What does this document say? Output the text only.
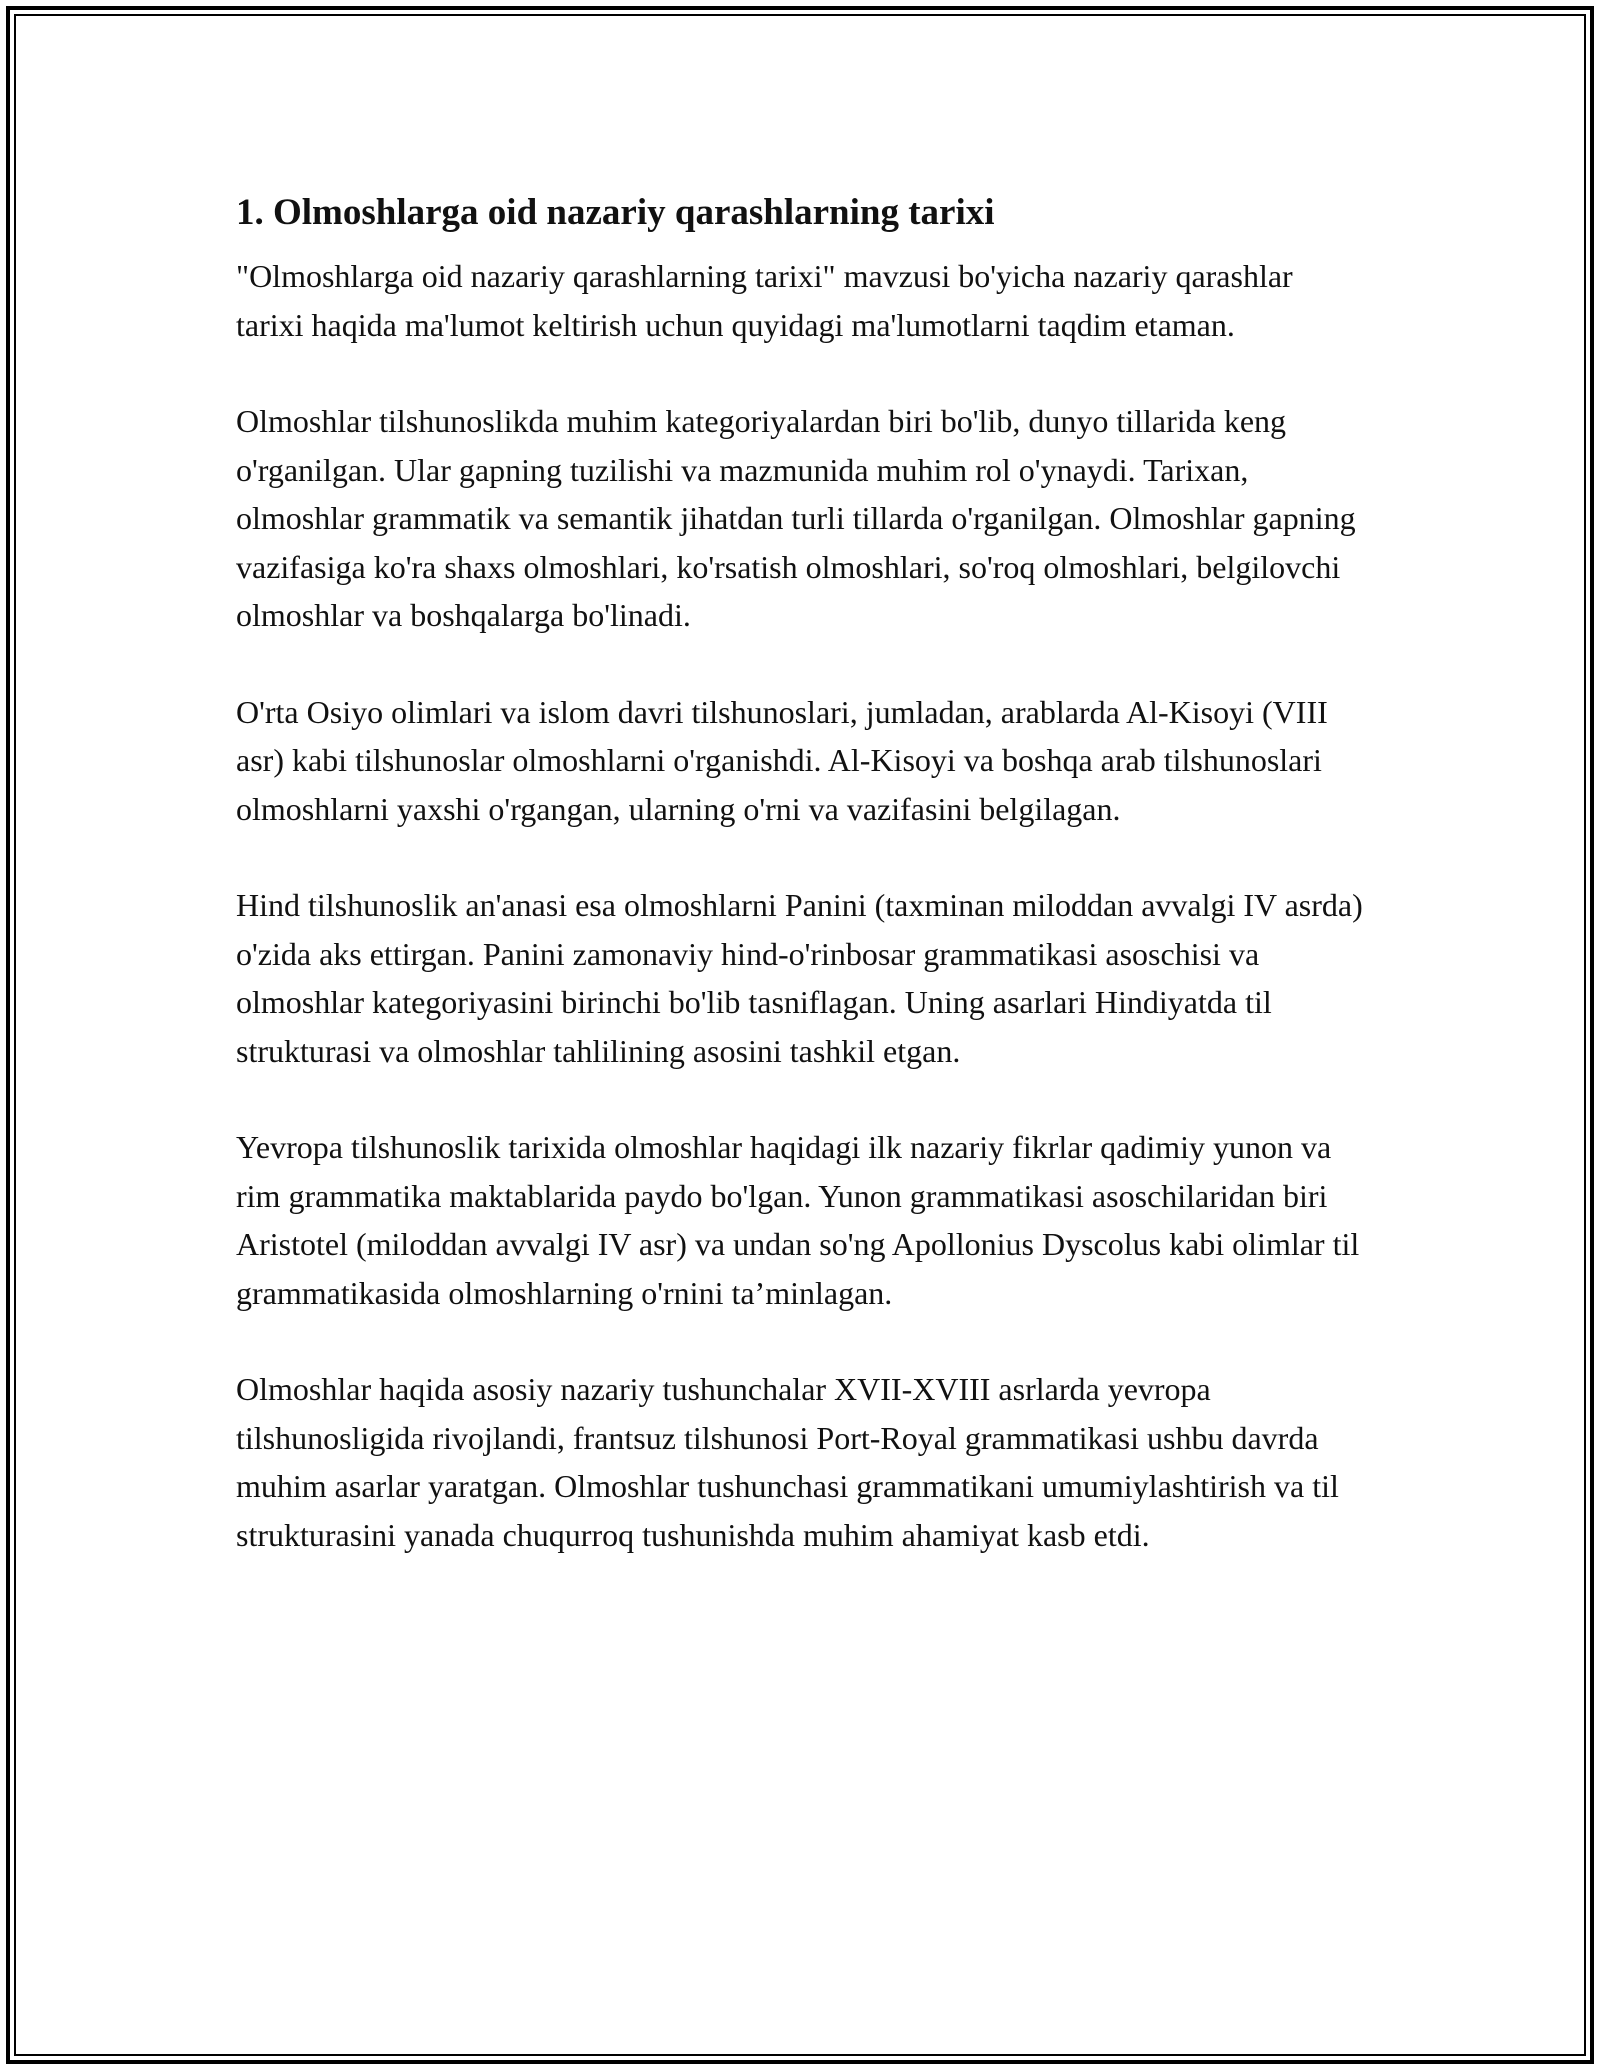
1. Olmoshlarga oid nazariy qarashlarning tarixi

"Olmoshlarga oid nazariy qarashlarning tarixi" mavzusi bo'yicha nazariy qarashlar tarixi haqida ma'lumot keltirish uchun quyidagi ma'lumotlarni taqdim etaman.

Olmoshlar tilshunoslikda muhim kategoriyalardan biri bo'lib, dunyo tillarida keng o'rganilgan. Ular gapning tuzilishi va mazmunida muhim rol o'ynaydi. Tarixan, olmoshlar grammatik va semantik jihatdan turli tillarda o'rganilgan. Olmoshlar gapning vazifasiga ko'ra shaxs olmoshlari, ko'rsatish olmoshlari, so'roq olmoshlari, belgilovchi olmoshlar va boshqalarga bo'linadi.

O'rta Osiyo olimlari va islom davri tilshunoslari, jumladan, arablarda Al-Kisoyi (VIII asr) kabi tilshunoslar olmoshlarni o'rganishdi. Al-Kisoyi va boshqa arab tilshunoslari olmoshlarni yaxshi o'rgangan, ularning o'rni va vazifasini belgilagan.

Hind tilshunoslik an'anasi esa olmoshlarni Panini (taxminan miloddan avvalgi IV asrda) o'zida aks ettirgan. Panini zamonaviy hind-o'rinbosar grammatikasi asoschisi va olmoshlar kategoriyasini birinchi bo'lib tasniflagan. Uning asarlari Hindiyatda til strukturasi va olmoshlar tahlilining asosini tashkil etgan.

Yevropa tilshunoslik tarixida olmoshlar haqidagi ilk nazariy fikrlar qadimiy yunon va rim grammatika maktablarida paydo bo'lgan. Yunon grammatikasi asoschilaridan biri Aristotel (miloddan avvalgi IV asr) va undan so'ng Apollonius Dyscolus kabi olimlar til grammatikasida olmoshlarning o'rnini ta’minlagan.

Olmoshlar haqida asosiy nazariy tushunchalar XVII-XVIII asrlarda yevropa tilshunosligida rivojlandi, frantsuz tilshunosi Port-Royal grammatikasi ushbu davrda muhim asarlar yaratgan. Olmoshlar tushunchasi grammatikani umumiylashtirish va til strukturasini yanada chuqurroq tushunishda muhim ahamiyat kasb etdi.
